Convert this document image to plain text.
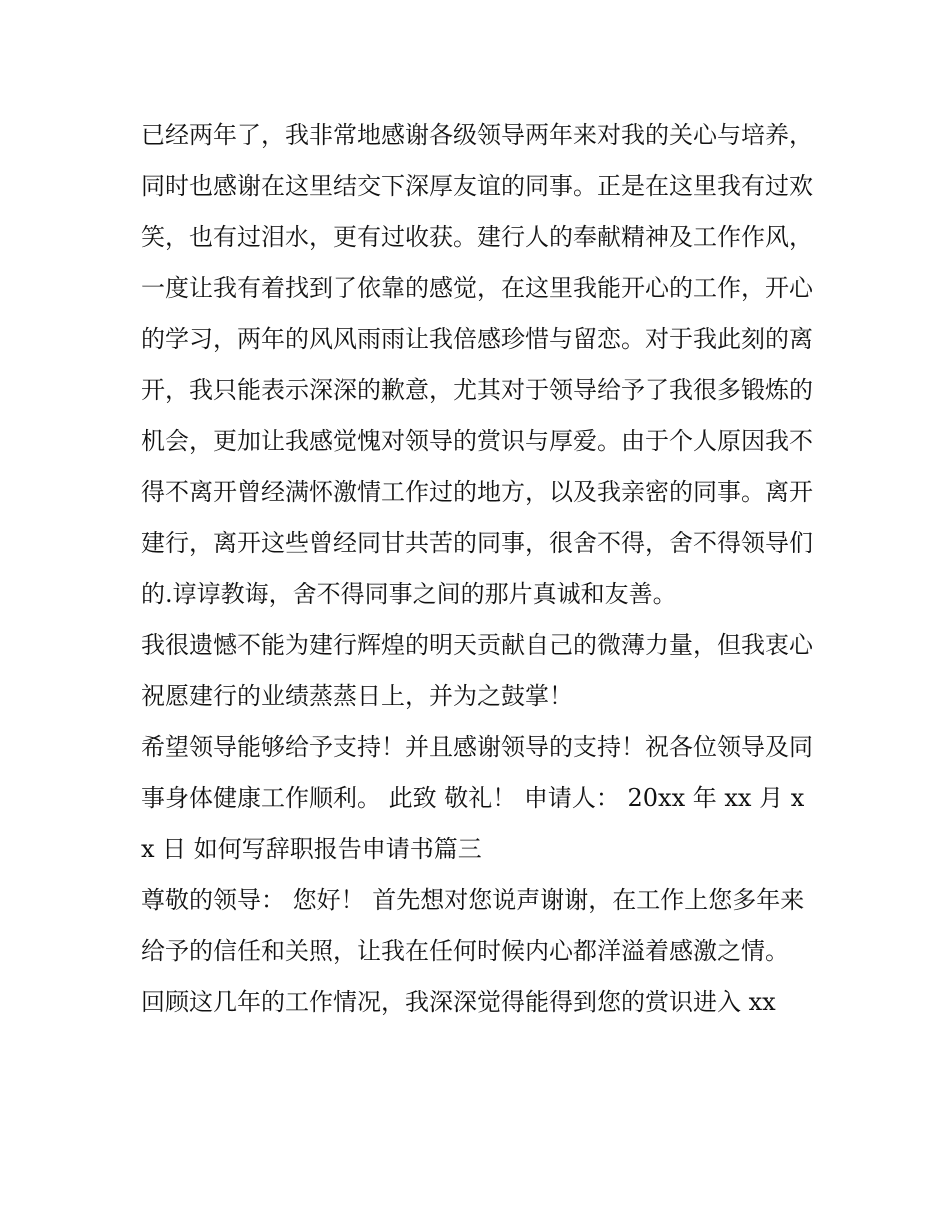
已经两年了，我非常地感谢各级领导两年来对我的关心与培养，同时也感谢在这里结交下深厚友谊的同事。正是在这里我有过欢笑，也有过泪水，更有过收获。建行人的奉献精神及工作作风，一度让我有着找到了依靠的感觉，在这里我能开心的工作，开心的学习，两年的风风雨雨让我倍感珍惜与留恋。对于我此刻的离开，我只能表示深深的歉意，尤其对于领导给予了我很多锻炼的机会，更加让我感觉愧对领导的赏识与厚爱。由于个人原因我不得不离开曾经满怀激情工作过的地方，以及我亲密的同事。离开建行，离开这些曾经同甘共苦的同事，很舍不得，舍不得领导们的.谆谆教诲，舍不得同事之间的那片真诚和友善。

我很遗憾不能为建行辉煌的明天贡献自己的微薄力量，但我衷心祝愿建行的业绩蒸蒸日上，并为之鼓掌！

希望领导能够给予支持！并且感谢领导的支持！祝各位领导及同事身体健康工作顺利。 此致 敬礼！ 申请人： 20xx 年 xx 月 xx 日 如何写辞职报告申请书篇三

尊敬的领导： 您好！ 首先想对您说声谢谢，在工作上您多年来给予的信任和关照，让我在任何时候内心都洋溢着感激之情。

回顾这几年的工作情况，我深深觉得能得到您的赏识进入 xx
